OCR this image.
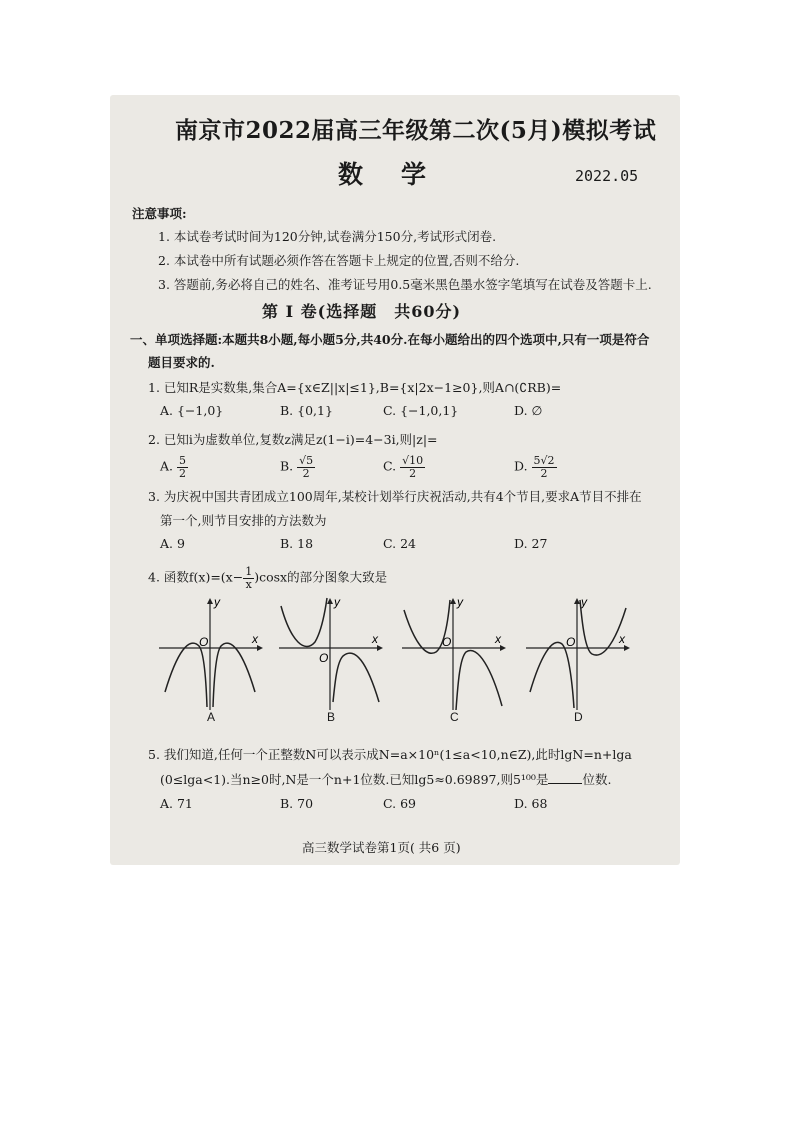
南京市2022届高三年级第二次(5月)模拟考试
数学	2022.05
注意事项:
1. 本试卷考试时间为120分钟,试卷满分150分,考试形式闭卷.
2. 本试卷中所有试题必须作答在答题卡上规定的位置,否则不给分.
3. 答题前,务必将自己的姓名、准考证号用0.5毫米黑色墨水签字笔填写在试卷及答题卡上.
第 I 卷(选择题　共60分)
一、单项选择题:本题共8小题,每小题5分,共40分.在每小题给出的四个选项中,只有一项是符合
题目要求的.
1. 已知R是实数集,集合A={x∈Z||x|≤1},B={x|2x−1≥0},则A∩(∁RB)=
A. {−1,0}	B. {0,1}	C. {−1,0,1}	D. ∅
2. 已知i为虚数单位,复数z满足z(1−i)=4−3i,则|z|=
A. $\frac{5}{2}$	B. $\frac{√5}{2}$	C. $\frac{√10}{2}$	D. $\frac{5√2}{2}$
3. 为庆祝中国共青团成立100周年,某校计划举行庆祝活动,共有4个节目,要求A节目不排在
第一个,则节目安排的方法数为
A. 9	B. 18	C. 24	D. 27
4. 函数$f(x)=(x- \frac{1}{x} )\cos x$的部分图象大致是
x
y
O
A
x
y
O
B
x
y
O
C
x
y
O
D
5. 我们知道,任何一个正整数N可以表示成N=a×10ⁿ(1≤a<10,n∈Z),此时lgN=n+lga
(0≤lga<1).当n≥0时,N是一个n+1位数.已知lg5≈0.69897,则5¹⁰⁰是	位数.
A. 71	B. 70	C. 69	D. 68
高三数学试卷第1页( 共6 页)
